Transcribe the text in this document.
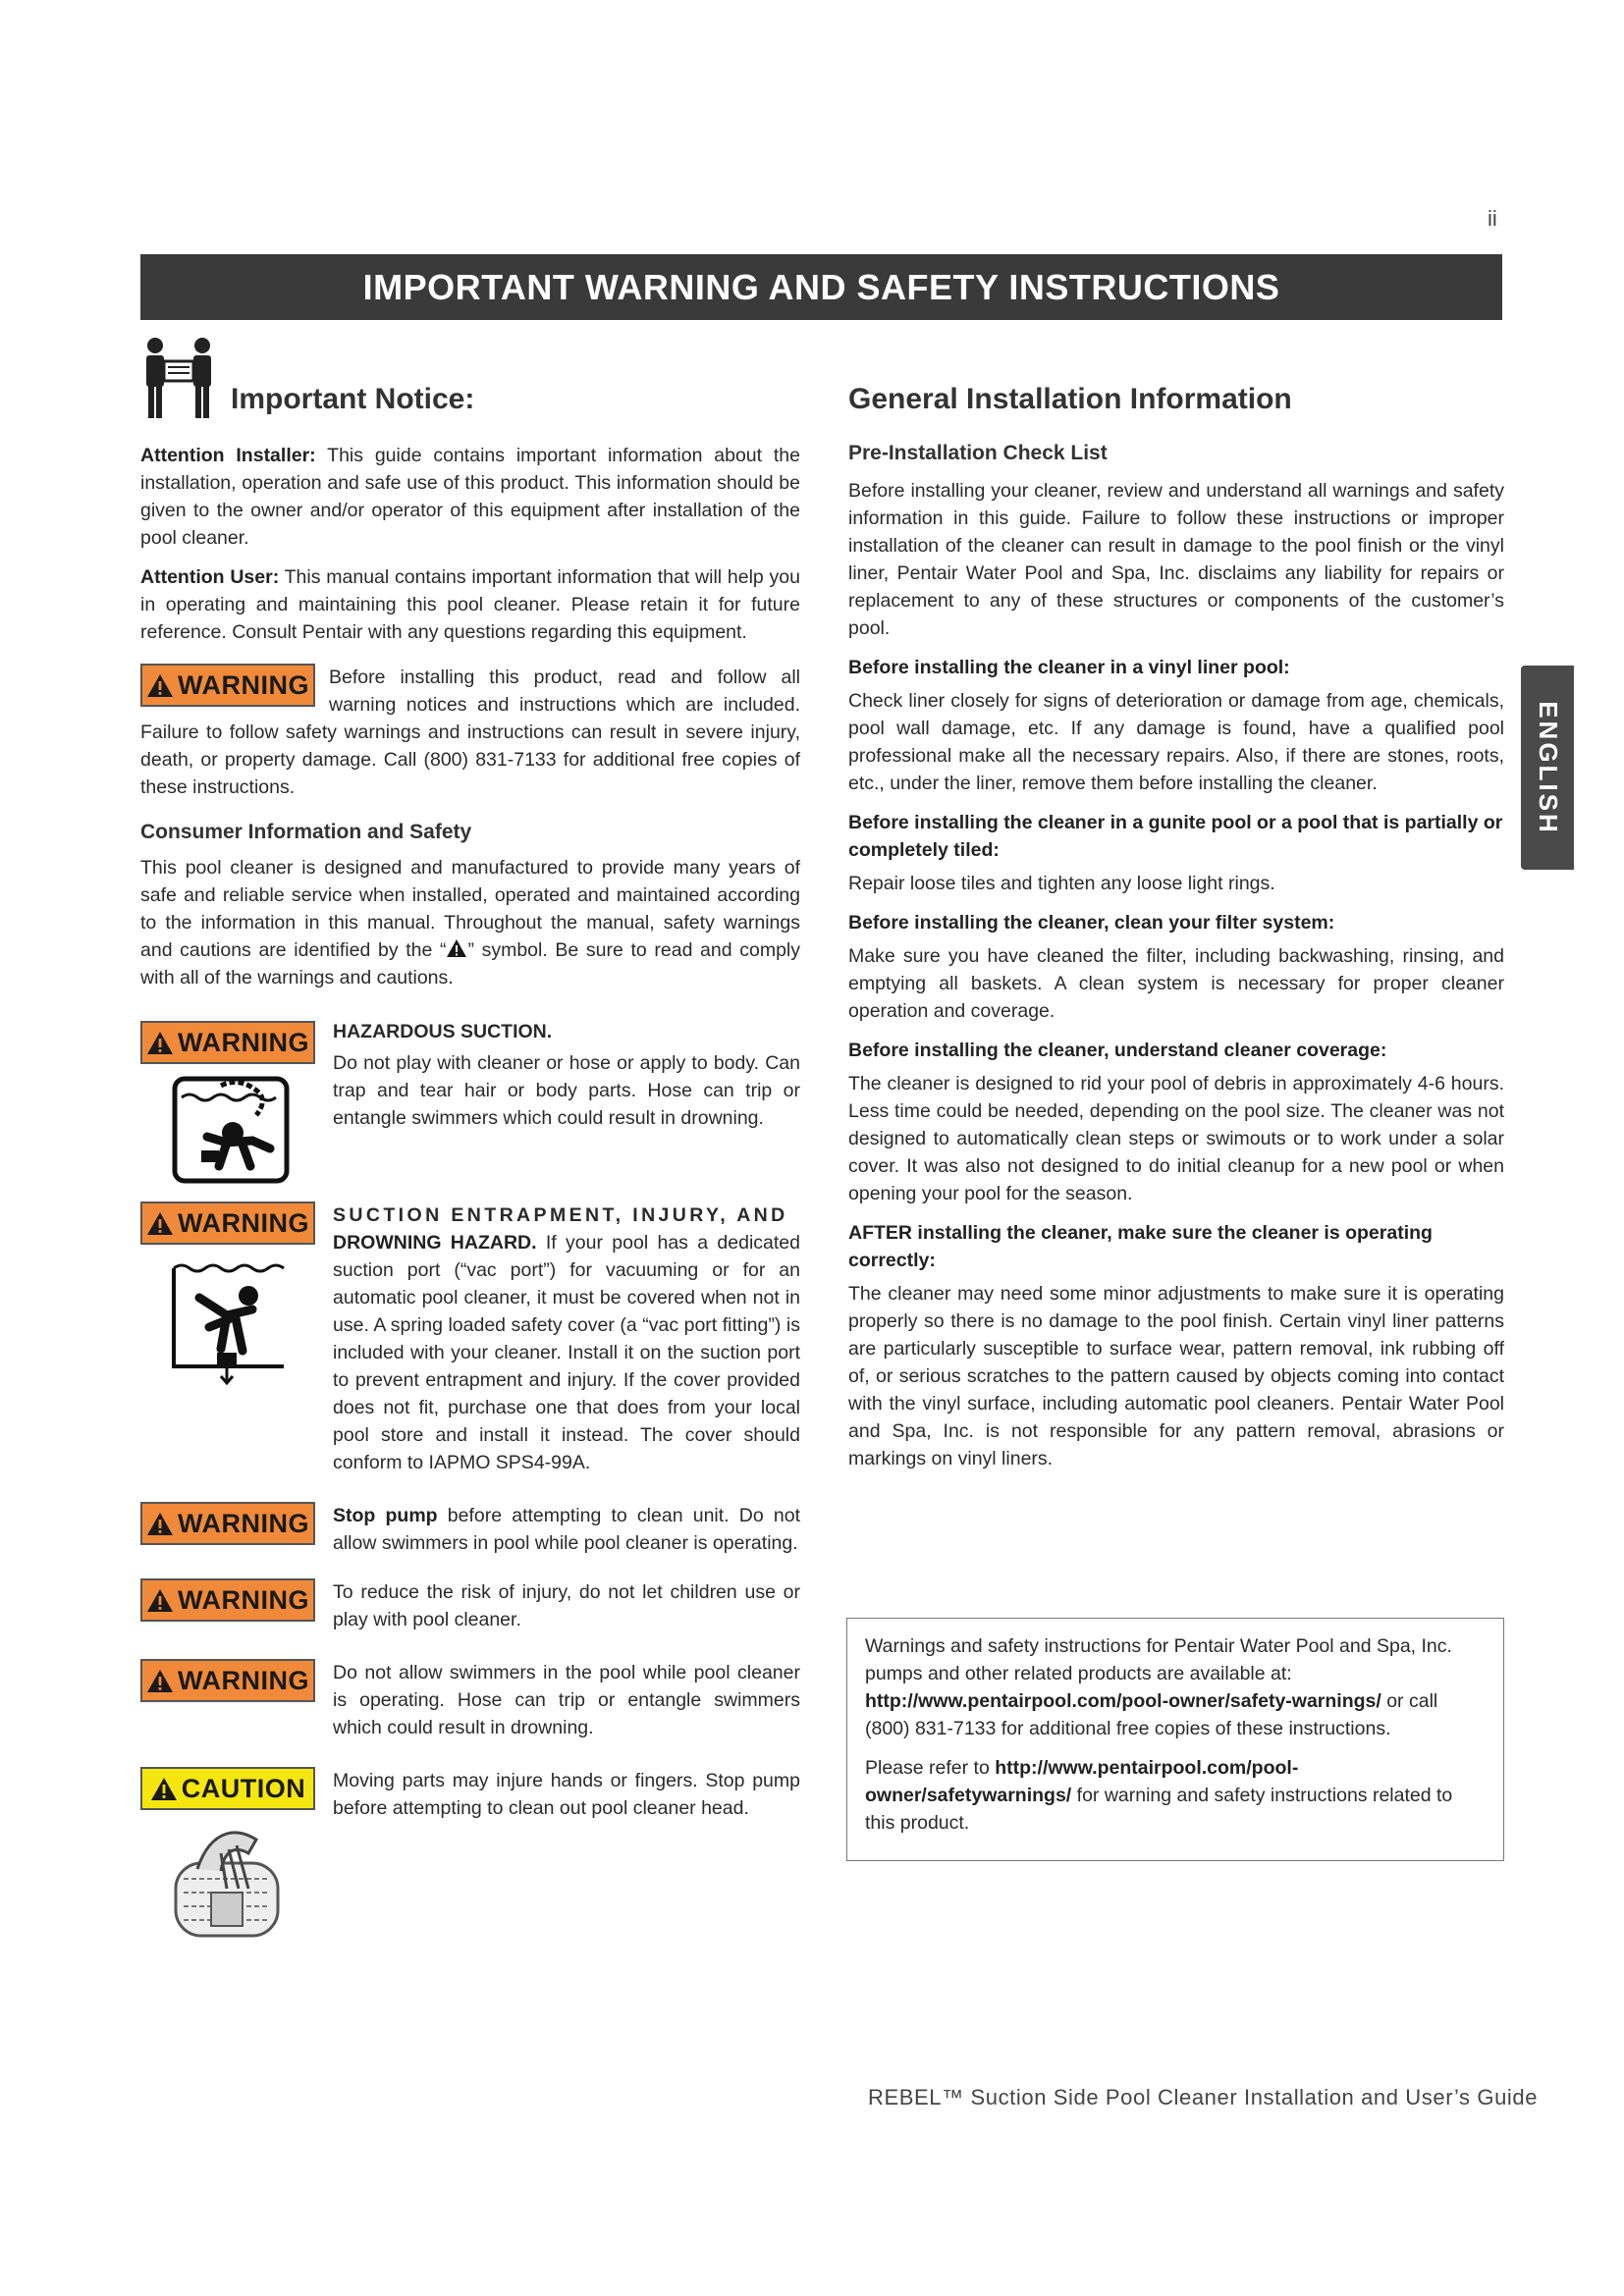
ii
IMPORTANT WARNING AND SAFETY INSTRUCTIONS
Important Notice:

Attention Installer: This guide contains important information about the installation, operation and safe use of this product. This information should be given to the owner and/or operator of this equipment after installation of the pool cleaner.

Attention User: This manual contains important information that will help you in operating and maintaining this pool cleaner. Please retain it for future reference. Consult Pentair with any questions regarding this equipment.

WARNING Before installing this product, read and follow all warning notices and instructions which are included. Failure to follow safety warnings and instructions can result in severe injury, death, or property damage. Call (800) 831-7133 for additional free copies of these instructions.

Consumer Information and Safety

This pool cleaner is designed and manufactured to provide many years of safe and reliable service when installed, operated and maintained according to the information in this manual. Throughout the manual, safety warnings and cautions are identified by the “ ” symbol. Be sure to read and comply with all of the warnings and cautions.

WARNING HAZARDOUS SUCTION.

Do not play with cleaner or hose or apply to body. Can trap and tear hair or body parts. Hose can trip or entangle swimmers which could result in drowning.

WARNING SUCTION ENTRAPMENT, INJURY, AND
DROWNING HAZARD. If your pool has a dedicated suction port (“vac port”) for vacuuming or for an automatic pool cleaner, it must be covered when not in use. A spring loaded safety cover (a “vac port fitting”) is included with your cleaner. Install it on the suction port to prevent entrapment and injury. If the cover provided does not fit, purchase one that does from your local pool store and install it instead. The cover should conform to IAPMO SPS4-99A.

WARNING Stop pump before attempting to clean unit. Do not allow swimmers in pool while pool cleaner is operating.

WARNING To reduce the risk of injury, do not let children use or play with pool cleaner.

WARNING Do not allow swimmers in the pool while pool cleaner is operating. Hose can trip or entangle swimmers which could result in drowning.

CAUTION Moving parts may injure hands or fingers. Stop pump before attempting to clean out pool cleaner head.

General Installation Information
Pre-Installation Check List

Before installing your cleaner, review and understand all warnings and safety information in this guide. Failure to follow these instructions or improper installation of the cleaner can result in damage to the pool finish or the vinyl liner, Pentair Water Pool and Spa, Inc. disclaims any liability for repairs or replacement to any of these structures or components of the customer’s pool.

Before installing the cleaner in a vinyl liner pool:

Check liner closely for signs of deterioration or damage from age, chemicals, pool wall damage, etc. If any damage is found, have a qualified pool professional make all the necessary repairs. Also, if there are stones, roots, etc., under the liner, remove them before installing the cleaner.

Before installing the cleaner in a gunite pool or a pool that is partially or completely tiled:

Repair loose tiles and tighten any loose light rings.

Before installing the cleaner, clean your filter system:

Make sure you have cleaned the filter, including backwashing, rinsing, and emptying all baskets. A clean system is necessary for proper cleaner operation and coverage.

Before installing the cleaner, understand cleaner coverage:

The cleaner is designed to rid your pool of debris in approximately 4-6 hours. Less time could be needed, depending on the pool size. The cleaner was not designed to automatically clean steps or swimouts or to work under a solar cover. It was also not designed to do initial cleanup for a new pool or when opening your pool for the season.

AFTER installing the cleaner, make sure the cleaner is operating correctly:

The cleaner may need some minor adjustments to make sure it is operating properly so there is no damage to the pool finish. Certain vinyl liner patterns are particularly susceptible to surface wear, pattern removal, ink rubbing off of, or serious scratches to the pattern caused by objects coming into contact with the vinyl surface, including automatic pool cleaners. Pentair Water Pool and Spa, Inc. is not responsible for any pattern removal, abrasions or markings on vinyl liners.

Warnings and safety instructions for Pentair Water Pool and Spa, Inc. pumps and other related products are available at: http://www.pentairpool.com/pool-owner/safety-warnings/ or call (800) 831-7133 for additional free copies of these instructions.

Please refer to http://www.pentairpool.com/pool-owner/safetywarnings/ for warning and safety instructions related to this product.

ENGLISH
REBEL™ Suction Side Pool Cleaner Installation and User’s Guide
